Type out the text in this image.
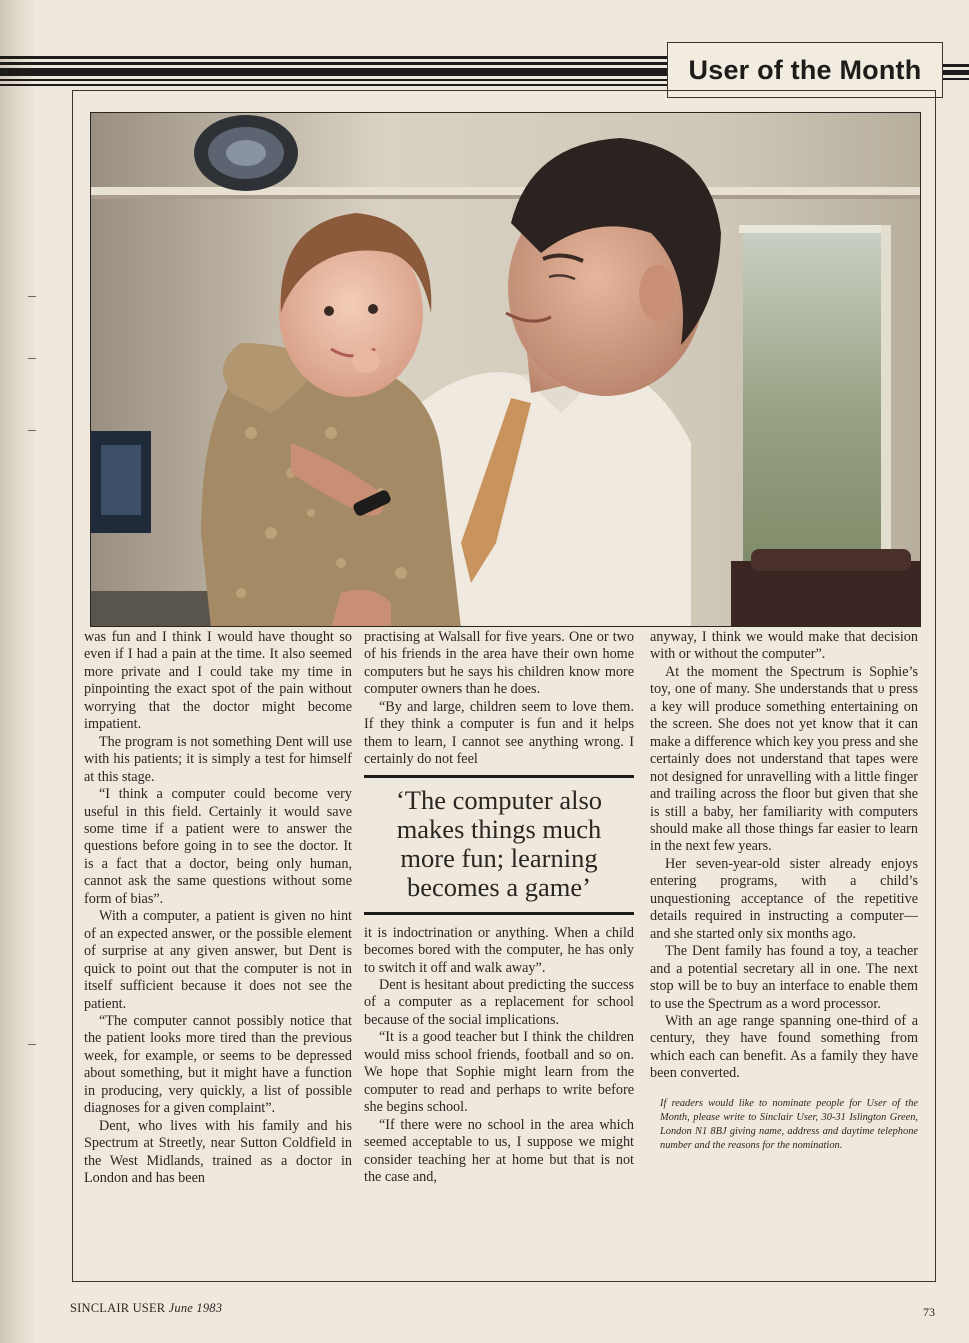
User of the Month

was fun and I think I would have thought so even if I had a pain at the time. It also seemed more private and I could take my time in pinpointing the exact spot of the pain without worrying that the doctor might become impatient.

The program is not something Dent will use with his patients; it is simply a test for himself at this stage.

“I think a computer could become very useful in this field. Certainly it would save some time if a patient were to answer the questions before going in to see the doctor. It is a fact that a doctor, being only human, cannot ask the same questions without some form of bias”.

With a computer, a patient is given no hint of an expected answer, or the possible element of surprise at any given answer, but Dent is quick to point out that the computer is not in itself sufficient because it does not see the patient.

“The computer cannot possibly notice that the patient looks more tired than the previous week, for example, or seems to be depressed about something, but it might have a function in producing, very quickly, a list of possible diagnoses for a given complaint”.

Dent, who lives with his family and his Spectrum at Streetly, near Sutton Coldfield in the West Midlands, trained as a doctor in London and has been

practising at Walsall for five years. One or two of his friends in the area have their own home computers but he says his children know more computer owners than he does.

“By and large, children seem to love them. If they think a computer is fun and it helps them to learn, I cannot see anything wrong. I certainly do not feel

‘The computer also makes things much more fun; learning becomes a game’

it is indoctrination or anything. When a child becomes bored with the computer, he has only to switch it off and walk away”.

Dent is hesitant about predicting the success of a computer as a replacement for school because of the social implications.

“It is a good teacher but I think the children would miss school friends, football and so on. We hope that Sophie might learn from the computer to read and perhaps to write before she begins school.

“If there were no school in the area which seemed acceptable to us, I suppose we might consider teaching her at home but that is not the case and,

anyway, I think we would make that decision with or without the computer”.

At the moment the Spectrum is Sophie’s toy, one of many. She understands that υ press a key will produce something entertaining on the screen. She does not yet know that it can make a difference which key you press and she certainly does not understand that tapes were not designed for unravelling with a little finger and trailing across the floor but given that she is still a baby, her familiarity with computers should make all those things far easier to learn in the next few years.

Her seven-year-old sister already enjoys entering programs, with a child’s unquestioning acceptance of the repetitive details required in instructing a computer—and she started only six months ago.

The Dent family has found a toy, a teacher and a potential secretary all in one. The next stop will be to buy an interface to enable them to use the Spectrum as a word processor.

With an age range spanning one-third of a century, they have found something from which each can benefit. As a family they have been converted.

If readers would like to nominate people for User of the Month, please write to Sinclair User, 30-31 Islington Green, London N1 8BJ giving name, address and daytime telephone number and the reasons for the nomination.
SINCLAIR USER June 1983	73
